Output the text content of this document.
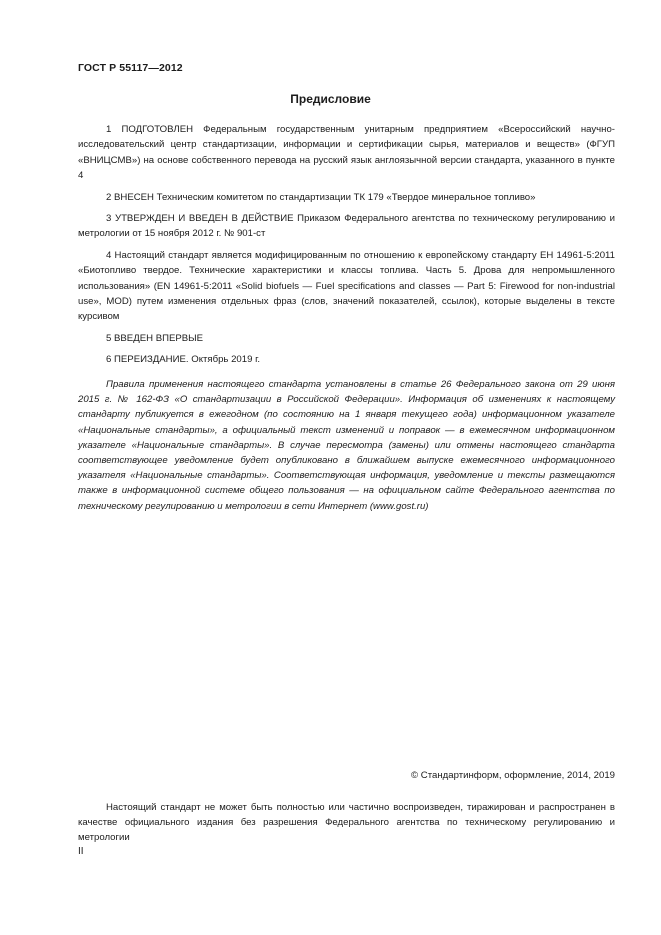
ГОСТ Р 55117—2012
Предисловие

1 ПОДГОТОВЛЕН Федеральным государственным унитарным предприятием «Всероссийский научно-исследовательский центр стандартизации, информации и сертификации сырья, материалов и веществ» (ФГУП «ВНИЦСМВ») на основе собственного перевода на русский язык англоязычной версии стандарта, указанного в пункте 4

2 ВНЕСЕН Техническим комитетом по стандартизации ТК 179 «Твердое минеральное топливо»

3 УТВЕРЖДЕН И ВВЕДЕН В ДЕЙСТВИЕ Приказом Федерального агентства по техническому регулированию и метрологии от 15 ноября 2012 г. № 901-ст

4 Настоящий стандарт является модифицированным по отношению к европейскому стандарту ЕН 14961-5:2011 «Биотопливо твердое. Технические характеристики и классы топлива. Часть 5. Дрова для непромышленного использования» (EN 14961-5:2011 «Solid biofuels — Fuel specifications and classes — Part 5: Firewood for non-industrial use», MOD) путем изменения отдельных фраз (слов, значений показателей, ссылок), которые выделены в тексте курсивом

5 ВВЕДЕН ВПЕРВЫЕ

6 ПЕРЕИЗДАНИЕ. Октябрь 2019 г.

Правила применения настоящего стандарта установлены в статье 26 Федерального закона от 29 июня 2015 г. № 162-ФЗ «О стандартизации в Российской Федерации». Информация об изменениях к настоящему стандарту публикуется в ежегодном (по состоянию на 1 января текущего года) информационном указателе «Национальные стандарты», а официальный текст изменений и поправок — в ежемесячном информационном указателе «Национальные стандарты». В случае пересмотра (замены) или отмены настоящего стандарта соответствующее уведомление будет опубликовано в ближайшем выпуске ежемесячного информационного указателя «Национальные стандарты». Соответствующая информация, уведомление и тексты размещаются также в информационной системе общего пользования — на официальном сайте Федерального агентства по техническому регулированию и метрологии в сети Интернет (www.gost.ru)
© Стандартинформ, оформление, 2014, 2019
Настоящий стандарт не может быть полностью или частично воспроизведен, тиражирован и распространен в качестве официального издания без разрешения Федерального агентства по техническому регулированию и метрологии
II
